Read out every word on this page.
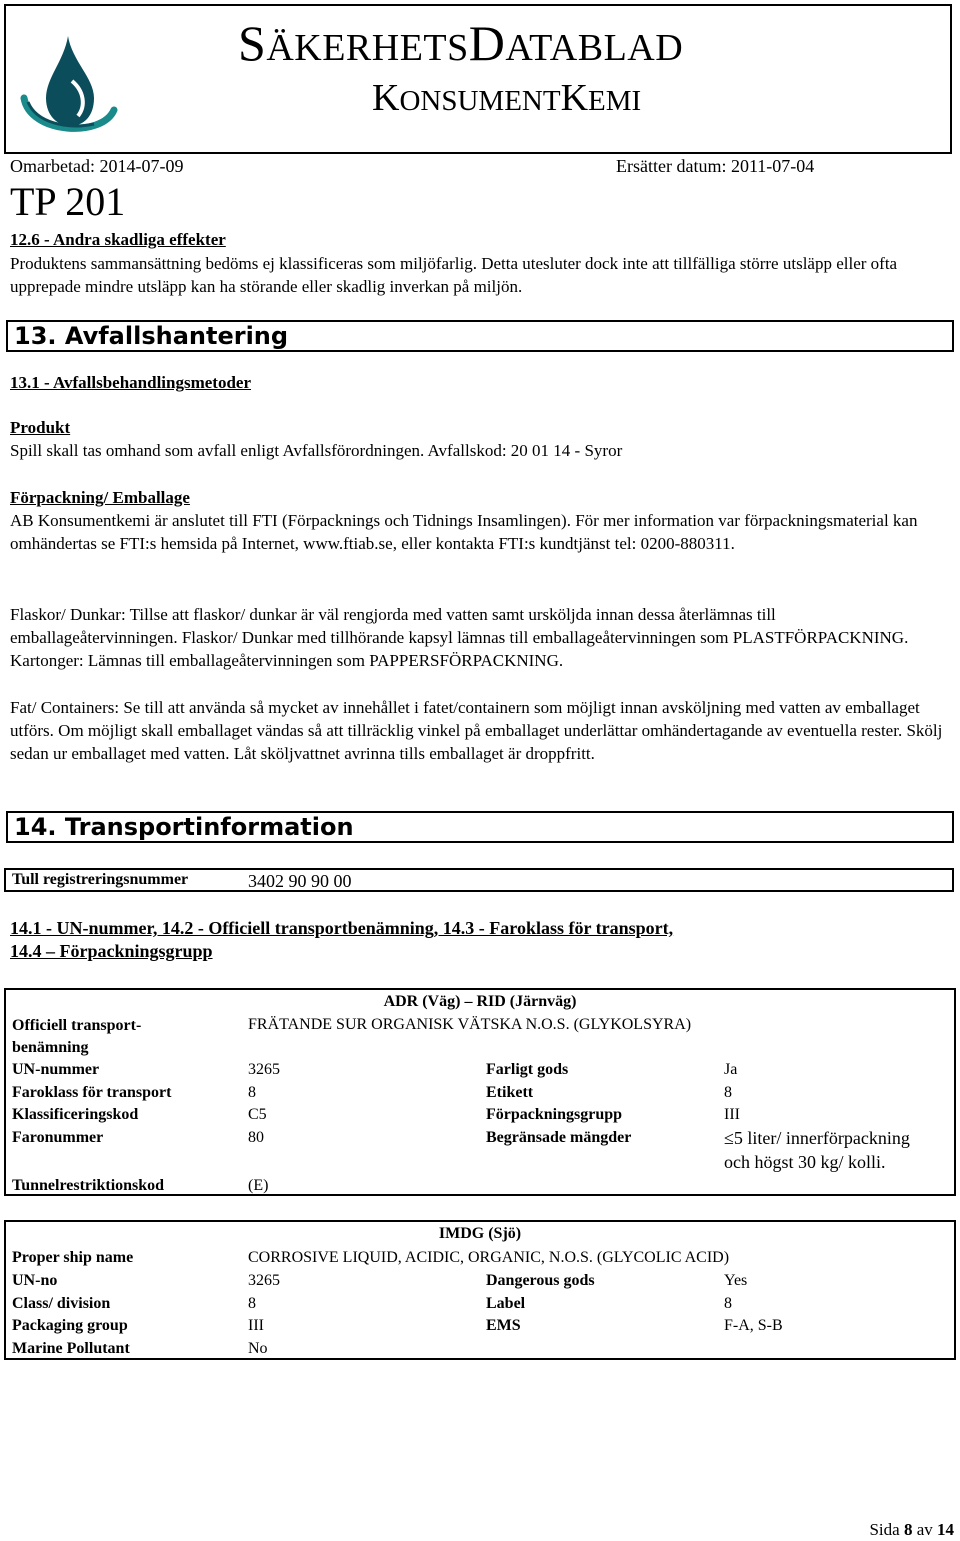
SÄKERHETSDATABLAD
KONSUMENTKEMI
Omarbetad: 2014-07-09	Ersätter datum: 2011-07-04
TP 201
12.6 - Andra skadliga effekter
Produktens sammansättning bedöms ej klassificeras som miljöfarlig. Detta utesluter dock inte att tillfälliga större utsläpp eller ofta upprepade mindre utsläpp kan ha störande eller skadlig inverkan på miljön.
13. Avfallshantering
13.1 - Avfallsbehandlingsmetoder
Produkt
Spill skall tas omhand som avfall enligt Avfallsförordningen. Avfallskod: 20 01 14 - Syror
Förpackning/ Emballage
AB Konsumentkemi är anslutet till FTI (Förpacknings och Tidnings Insamlingen). För mer information var förpackningsmaterial kan omhändertas se FTI:s hemsida på Internet, www.ftiab.se, eller kontakta FTI:s kundtjänst tel: 0200-880311.
Flaskor/ Dunkar: Tillse att flaskor/ dunkar är väl rengjorda med vatten samt ursköljda innan dessa återlämnas till emballageåtervinningen. Flaskor/ Dunkar med tillhörande kapsyl lämnas till emballageåtervinningen som PLASTFÖRPACKNING. Kartonger: Lämnas till emballageåtervinningen som PAPPERSFÖRPACKNING.
Fat/ Containers: Se till att använda så mycket av innehållet i fatet/containern som möjligt innan avsköljning med vatten av emballaget utförs. Om möjligt skall emballaget vändas så att tillräcklig vinkel på emballaget underlättar omhändertagande av eventuella rester. Skölj sedan ur emballaget med vatten. Låt sköljvattnet avrinna tills emballaget är droppfritt.
14. Transportinformation
Tull registreringsnummer	3402 90 90 00
14.1 - UN-nummer, 14.2 - Officiell transportbenämning, 14.3 - Faroklass för transport,
14.4 – Förpackningsgrupp
ADR (Väg) – RID (Järnväg)
Officiell transport-
benämning
FRÄTANDE SUR ORGANISK VÄTSKA N.O.S. (GLYKOLSYRA)
UN-nummer	3265	Farligt gods	Ja
Faroklass för transport	8	Etikett	8
Klassificeringskod	C5	Förpackningsgrupp	III
Faronummer	80	Begränsade mängder	≤5 liter/ innerförpackning
och högst 30 kg/ kolli.
Tunnelrestriktionskod	(E)
IMDG (Sjö)
Proper ship name	CORROSIVE LIQUID, ACIDIC, ORGANIC, N.O.S. (GLYCOLIC ACID)
UN-no	3265	Dangerous gods	Yes
Class/ division	8	Label	8
Packaging group	III	EMS	F-A, S-B
Marine Pollutant	No
Sida 8 av 14
